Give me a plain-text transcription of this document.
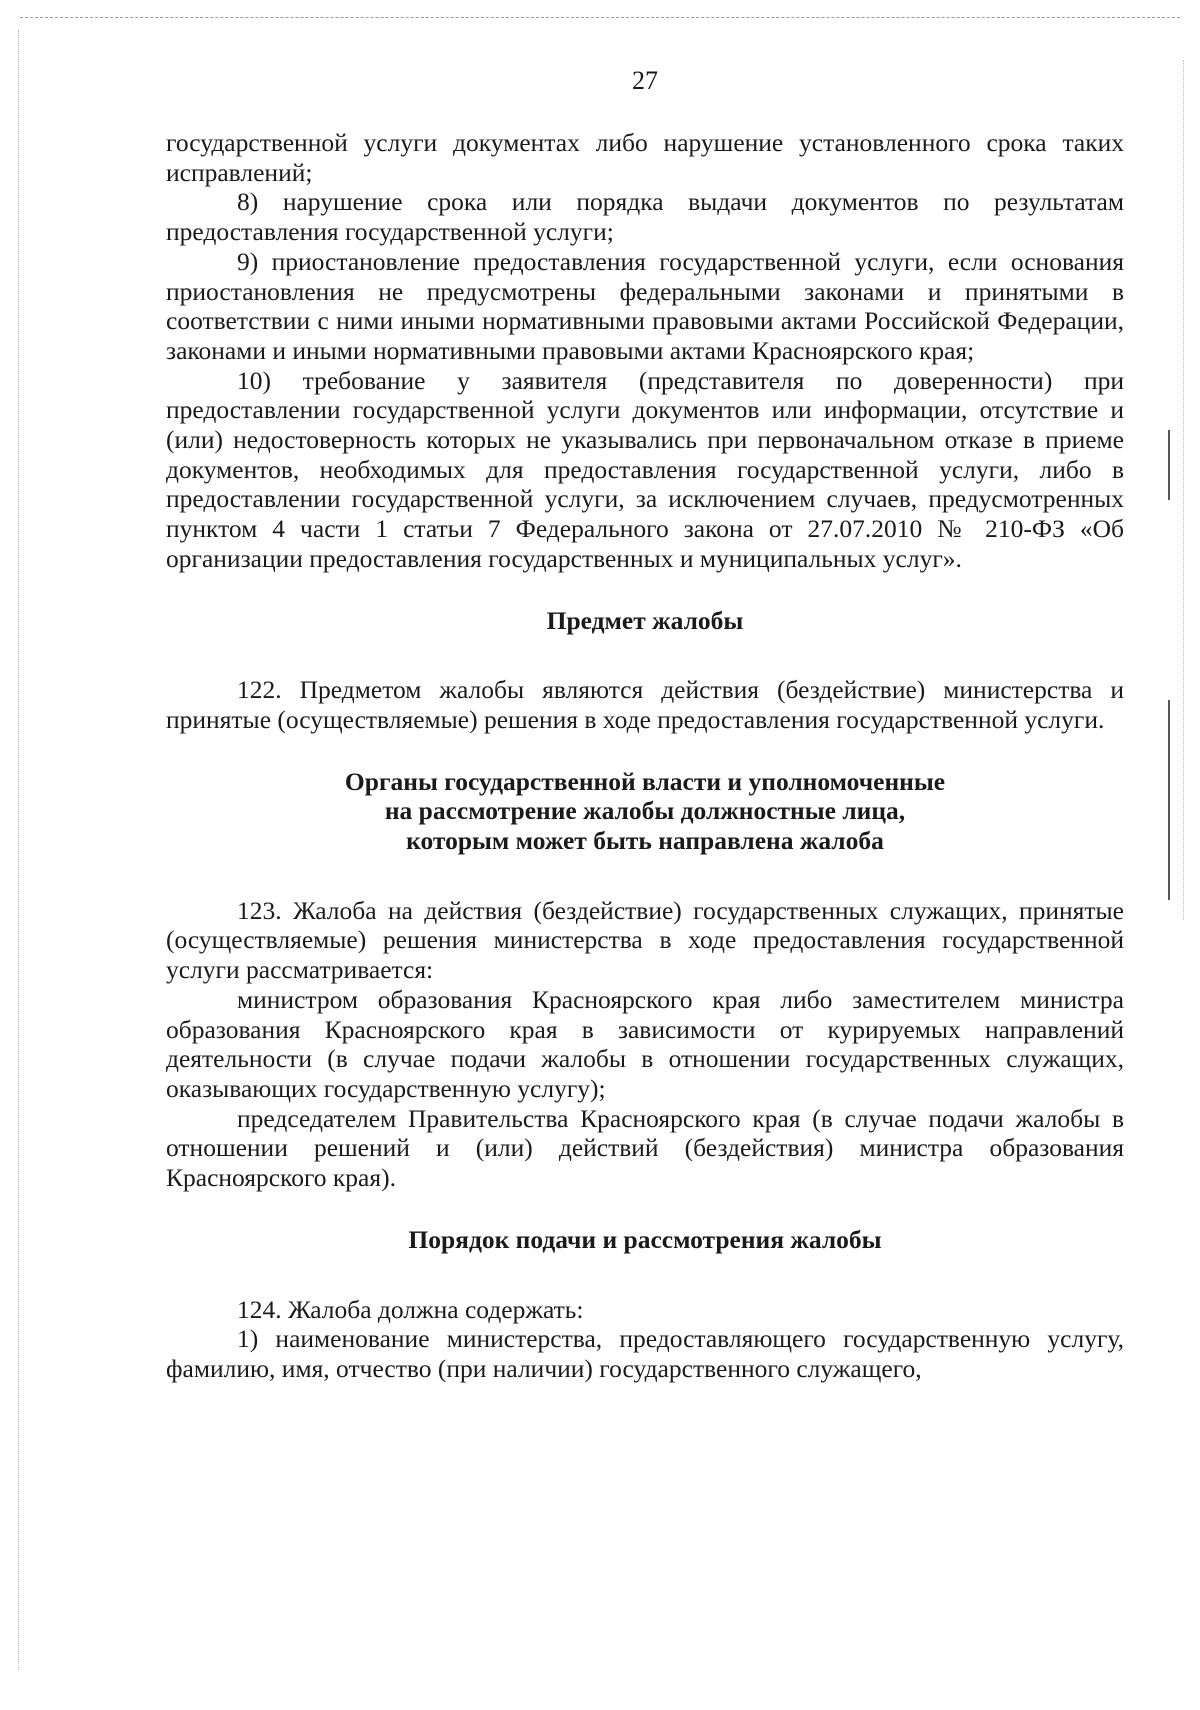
27

государственной услуги документах либо нарушение установленного срока таких исправлений;

8) нарушение срока или порядка выдачи документов по результатам предоставления государственной услуги;

9) приостановление предоставления государственной услуги, если основания приостановления не предусмотрены федеральными законами и принятыми в соответствии с ними иными нормативными правовыми актами Российской Федерации, законами и иными нормативными правовыми актами Красноярского края;

10) требование у заявителя (представителя по доверенности) при предоставлении государственной услуги документов или информации, отсутствие и (или) недостоверность которых не указывались при первоначальном отказе в приеме документов, необходимых для предоставления государственной услуги, либо в предоставлении государственной услуги, за исключением случаев, предусмотренных пунктом 4 части 1 статьи 7 Федерального закона от 27.07.2010 № 210-ФЗ «Об организации предоставления государственных и муниципальных услуг».

Предмет жалобы

122. Предметом жалобы являются действия (бездействие) министерства и принятые (осуществляемые) решения в ходе предоставления государственной услуги.

Органы государственной власти и уполномоченные

на рассмотрение жалобы должностные лица,

которым может быть направлена жалоба

123. Жалоба на действия (бездействие) государственных служащих, принятые (осуществляемые) решения министерства в ходе предоставления государственной услуги рассматривается:

министром образования Красноярского края либо заместителем министра образования Красноярского края в зависимости от курируемых направлений деятельности (в случае подачи жалобы в отношении государственных служащих, оказывающих государственную услугу);

председателем Правительства Красноярского края (в случае подачи жалобы в отношении решений и (или) действий (бездействия) министра образования Красноярского края).

Порядок подачи и рассмотрения жалобы

124. Жалоба должна содержать:

1) наименование министерства, предоставляющего государственную услугу, фамилию, имя, отчество (при наличии) государственного служащего,
